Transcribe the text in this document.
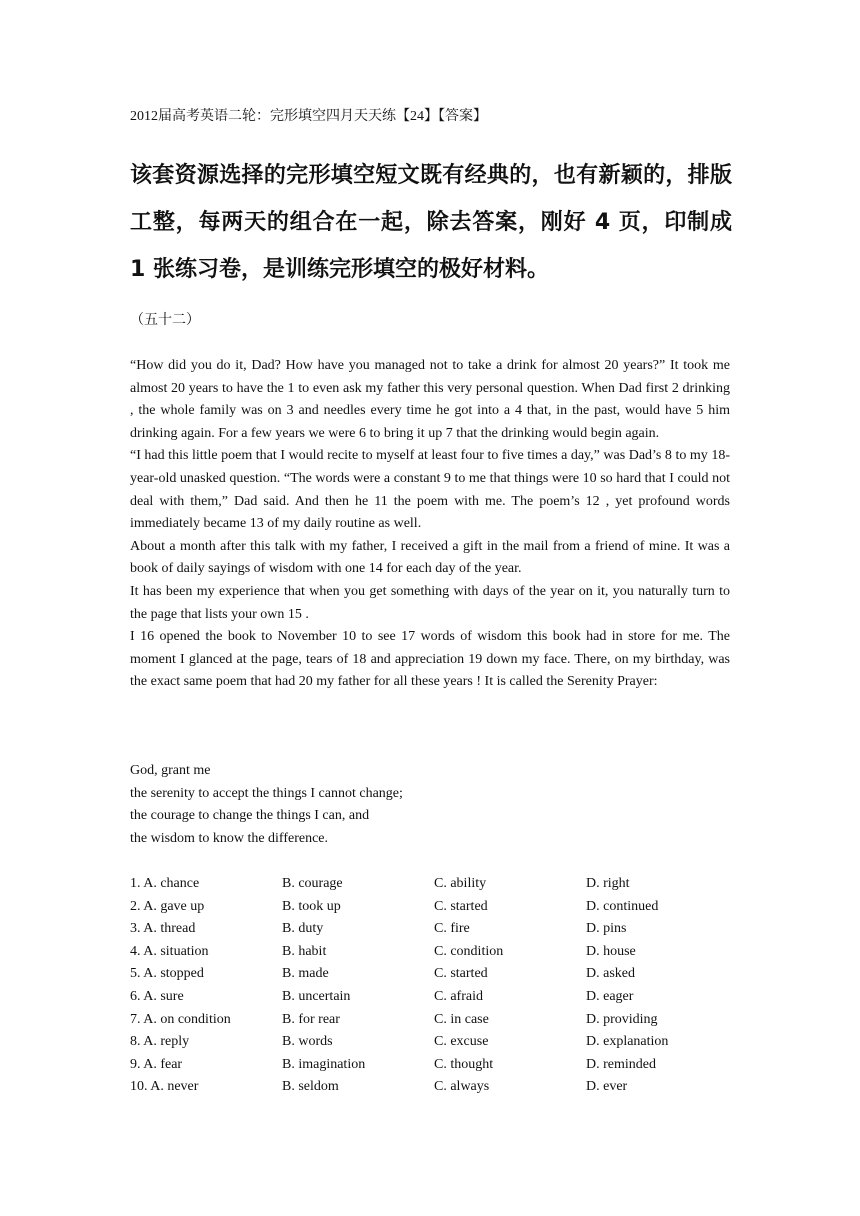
2012届高考英语二轮：完形填空四月天天练【24】【答案】
该套资源选择的完形填空短文既有经典的，也有新颖的，排版工整，每两天的组合在一起，除去答案，刚好 4 页，印制成 1 张练习卷，是训练完形填空的极好材料。
（五十二）

“How did you do it, Dad? How have you managed not to take a drink for almost 20 years?” It took me almost 20 years to have the 1 to even ask my father this very personal question. When Dad first 2 drinking , the whole family was on 3 and needles every time he got into a 4 that, in the past, would have 5 him drinking again. For a few years we were 6 to bring it up 7 that the drinking would begin again.

“I had this little poem that I would recite to myself at least four to five times a day,” was Dad’s 8 to my 18-year-old unasked question. “The words were a constant 9 to me that things were 10 so hard that I could not deal with them,” Dad said. And then he 11 the poem with me. The poem’s 12 , yet profound words immediately became 13 of my daily routine as well.

About a month after this talk with my father, I received a gift in the mail from a friend of mine. It was a book of daily sayings of wisdom with one 14 for each day of the year.

It has been my experience that when you get something with days of the year on it, you naturally turn to the page that lists your own 15 .

I 16 opened the book to November 10 to see 17 words of wisdom this book had in store for me. The moment I glanced at the page, tears of 18 and appreciation 19 down my face. There, on my birthday, was the exact same poem that had 20 my father for all these years ! It is called the Serenity Prayer:

God, grant me
the serenity to accept the things I cannot change;
the courage to change the things I can, and
the wisdom to know the difference.
1. A. chance	B. courage	C. ability	D. right
2. A. gave up	B. took up	C. started	D. continued
3. A. thread	B. duty	C. fire	D. pins
4. A. situation	B. habit	C. condition	D. house
5. A. stopped	B. made	C. started	D. asked
6. A. sure	B. uncertain	C. afraid	D. eager
7. A. on condition	B. for rear	C. in case	D. providing
8. A. reply	B. words	C. excuse	D. explanation
9. A. fear	B. imagination	C. thought	D. reminded
10. A. never	B. seldom	C. always	D. ever
